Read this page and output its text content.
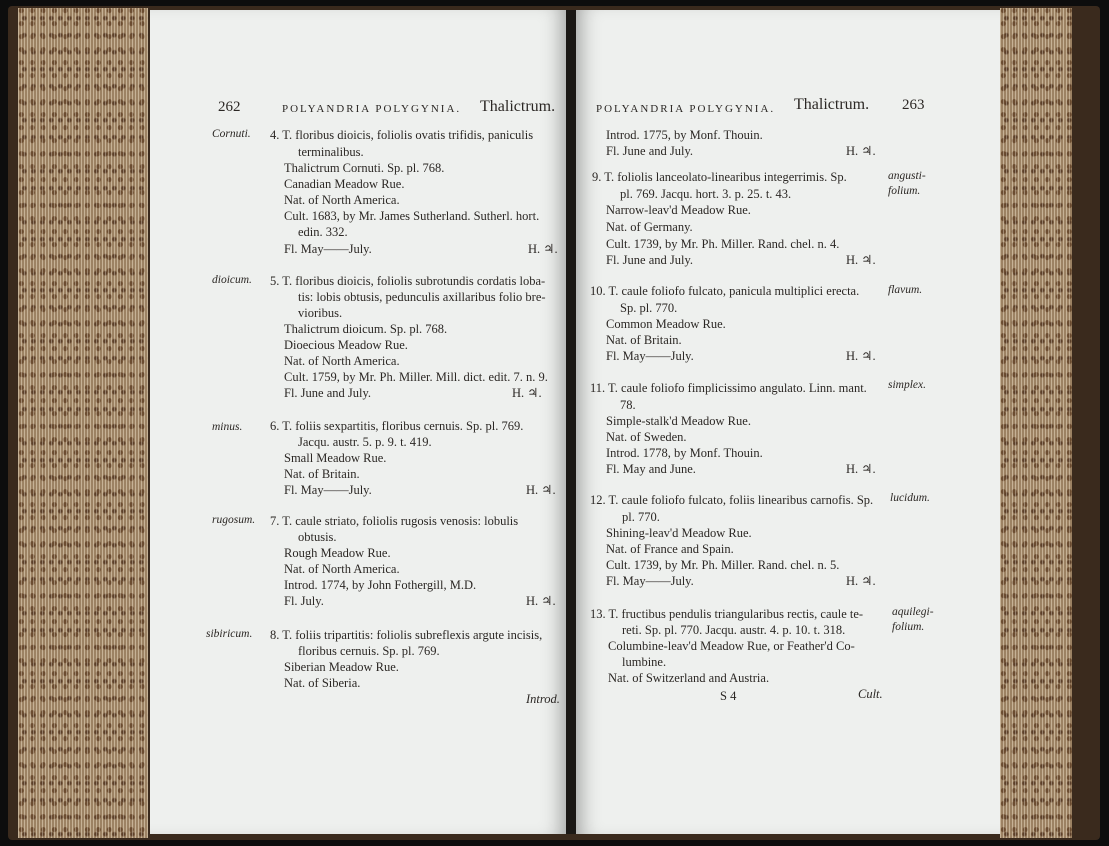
262	POLYANDRIA POLYGYNIA. Thalictrum.
Cornuti.
dioicum.
minus.
rugosum.
sibiricum.
4. T. floribus dioicis, foliolis ovatis trifidis, paniculis
terminalibus.
Thalictrum Cornuti. Sp. pl. 768.
Canadian Meadow Rue.
Nat. of North America.
Cult. 1683, by Mr. James Sutherland. Sutherl. hort.
edin. 332.
Fl. May——July.	H. ♃.
5. T. floribus dioicis, foliolis subrotundis cordatis loba-
tis: lobis obtusis, pedunculis axillaribus folio bre-
vioribus.
Thalictrum dioicum. Sp. pl. 768.
Dioecious Meadow Rue.
Nat. of North America.
Cult. 1759, by Mr. Ph. Miller. Mill. dict. edit. 7. n. 9.
Fl. June and July.	H. ♃.
6. T. foliis sexpartitis, floribus cernuis. Sp. pl. 769.
Jacqu. austr. 5. p. 9. t. 419.
Small Meadow Rue.
Nat. of Britain.
Fl. May——July.	H. ♃.
7. T. caule striato, foliolis rugosis venosis: lobulis
obtusis.
Rough Meadow Rue.
Nat. of North America.
Introd. 1774, by John Fothergill, M.D.
Fl. July.	H. ♃.
8. T. foliis tripartitis: foliolis subreflexis argute incisis,
floribus cernuis. Sp. pl. 769.
Siberian Meadow Rue.
Nat. of Siberia.
Introd.
POLYANDRIA POLYGYNIA. Thalictrum. 263
angusti-
folium.
flavum.
simplex.
lucidum.
aquilegi-
folium.
Introd. 1775, by Monf. Thouin.
Fl. June and July.	H. ♃.
9. T. foliolis lanceolato-linearibus integerrimis. Sp.
pl. 769. Jacqu. hort. 3. p. 25. t. 43.
Narrow-leav'd Meadow Rue.
Nat. of Germany.
Cult. 1739, by Mr. Ph. Miller. Rand. chel. n. 4.
Fl. June and July.	H. ♃.
10. T. caule foliofo fulcato, panicula multiplici erecta.
Sp. pl. 770.
Common Meadow Rue.
Nat. of Britain.
Fl. May——July.	H. ♃.
11. T. caule foliofo fimplicissimo angulato. Linn. mant.
78.
Simple-stalk'd Meadow Rue.
Nat. of Sweden.
Introd. 1778, by Monf. Thouin.
Fl. May and June.	H. ♃.
12. T. caule foliofo fulcato, foliis linearibus carnofis. Sp.
pl. 770.
Shining-leav'd Meadow Rue.
Nat. of France and Spain.
Cult. 1739, by Mr. Ph. Miller. Rand. chel. n. 5.
Fl. May——July.	H. ♃.
13. T. fructibus pendulis triangularibus rectis, caule te-
reti. Sp. pl. 770. Jacqu. austr. 4. p. 10. t. 318.
Columbine-leav'd Meadow Rue, or Feather'd Co-
lumbine.
Nat. of Switzerland and Austria.
S 4	Cult.
